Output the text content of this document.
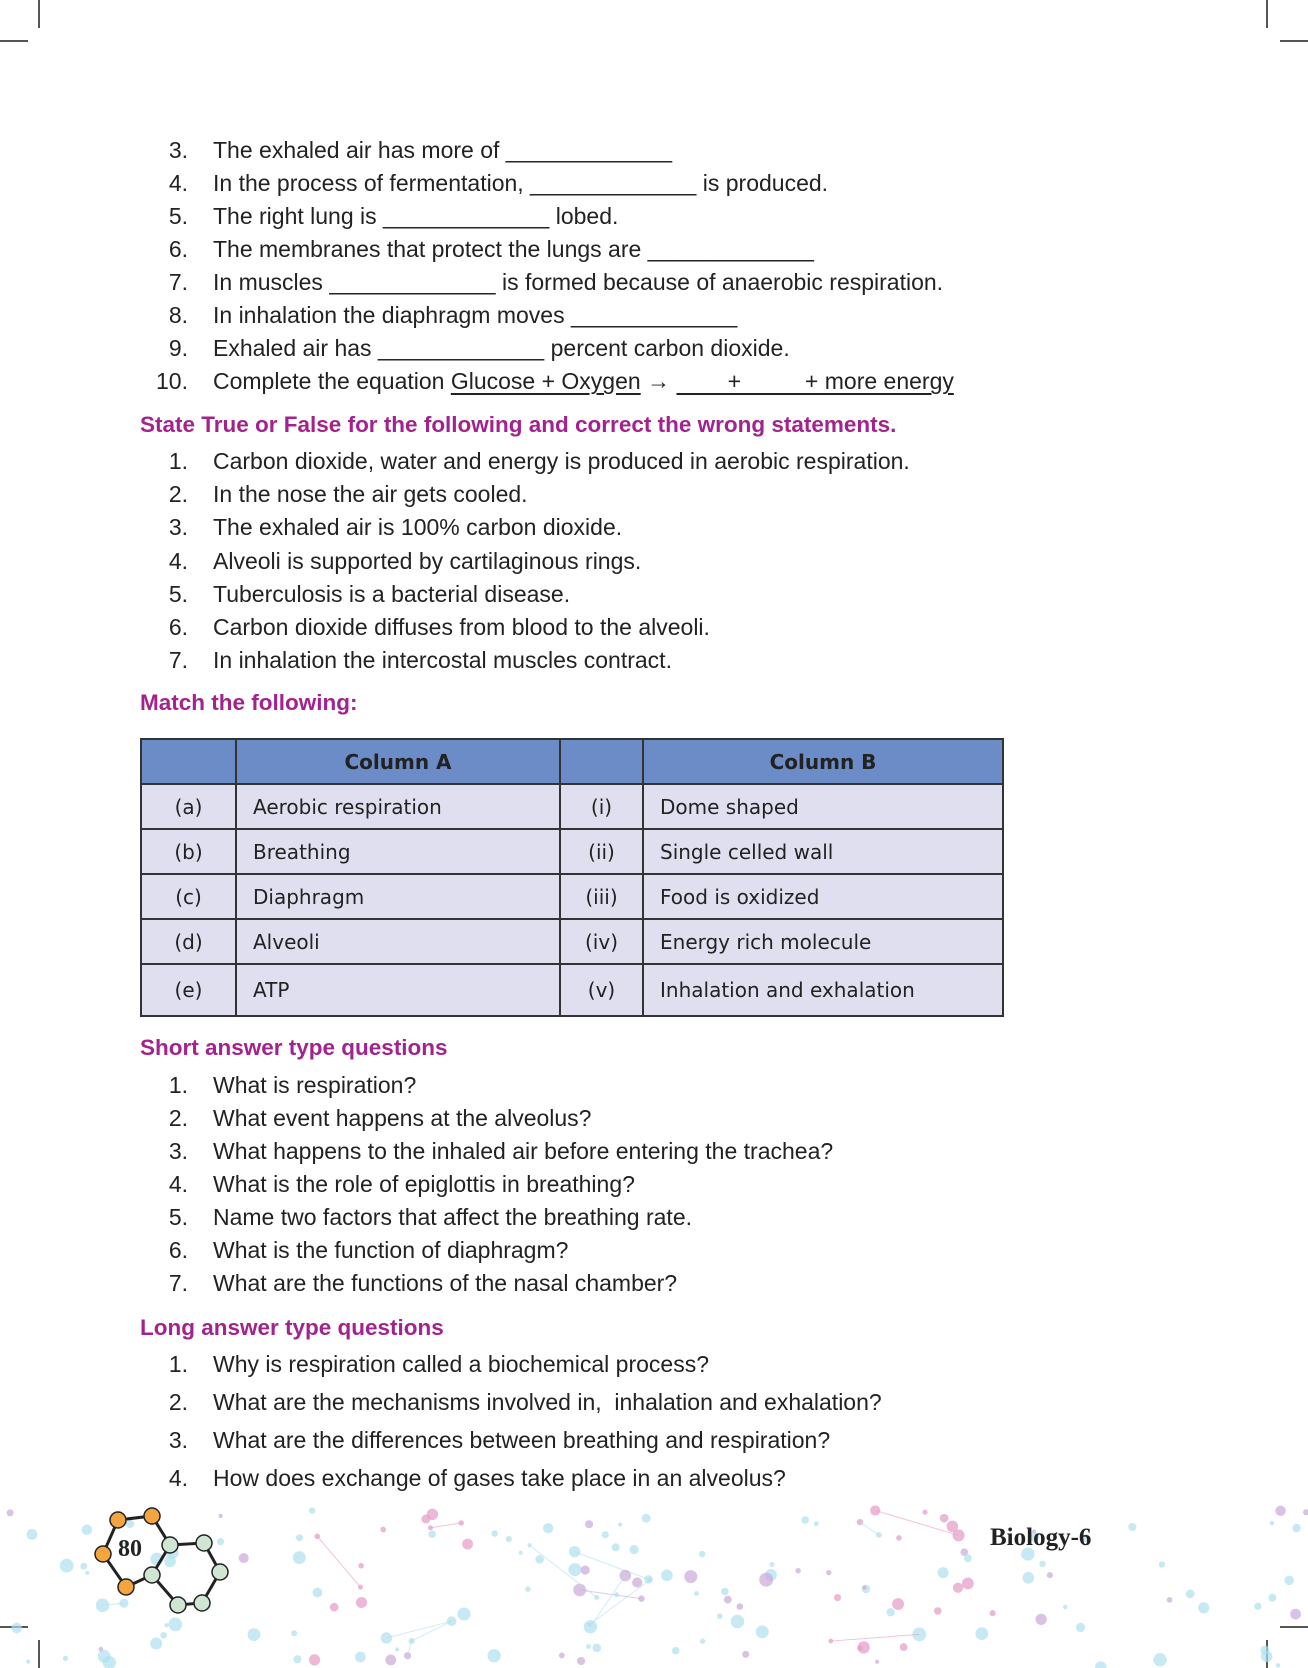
3. The exhaled air has more of _____________
4. In the process of fermentation, _____________ is produced.
5. The right lung is _____________ lobed.
6. The membranes that protect the lungs are _____________
7. In muscles _____________ is formed because of anaerobic respiration.
8. In inhalation the diaphragm moves _____________
9. Exhaled air has _____________ percent carbon dioxide.
10. Complete the equation Glucose + Oxygen → +          + more energy
State True or False for the following and correct the wrong statements.
1. Carbon dioxide, water and energy is produced in aerobic respiration.
2. In the nose the air gets cooled.
3. The exhaled air is 100% carbon dioxide.
4. Alveoli is supported by cartilaginous rings.
5. Tuberculosis is a bacterial disease.
6. Carbon dioxide diffuses from blood to the alveoli.
7. In inhalation the intercostal muscles contract.
Match the following:
	Column A		Column B
(a)	Aerobic respiration	(i)	Dome shaped
(b)	Breathing	(ii)	Single celled wall
(c)	Diaphragm	(iii)	Food is oxidized
(d)	Alveoli	(iv)	Energy rich molecule
(e)	ATP	(v)	Inhalation and exhalation
Short answer type questions
1. What is respiration?
2. What event happens at the alveolus?
3. What happens to the inhaled air before entering the trachea?
4. What is the role of epiglottis in breathing?
5. Name two factors that affect the breathing rate.
6. What is the function of diaphragm?
7. What are the functions of the nasal chamber?
Long answer type questions
1. Why is respiration called a biochemical process?
2. What are the mechanisms involved in,  inhalation and exhalation?
3. What are the differences between breathing and respiration?
4. How does exchange of gases take place in an alveolus?
80	Biology-6
